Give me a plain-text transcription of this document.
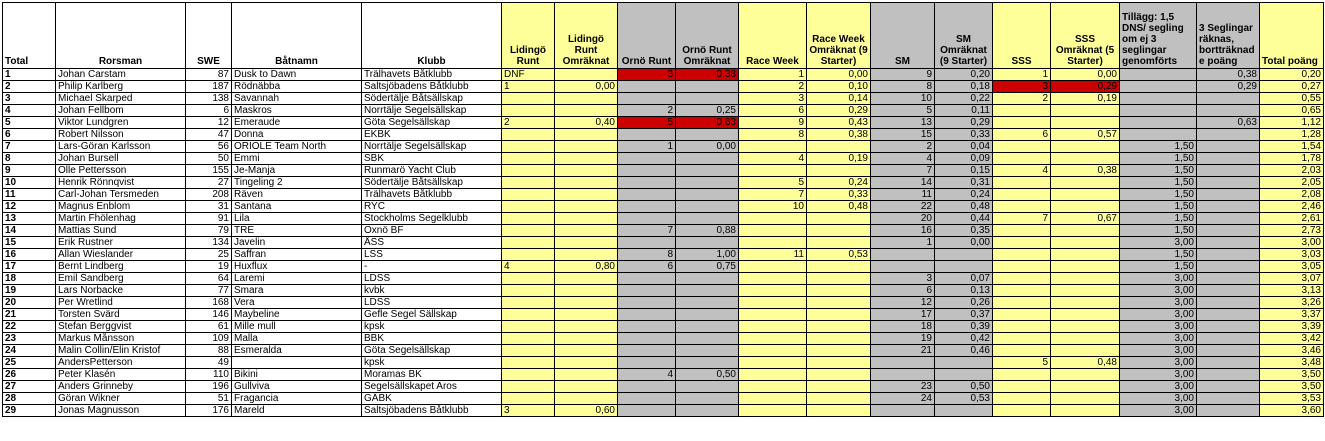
Total	Rorsman	SWE	Båtnamn	Klubb	Lidingö Runt	Lidingö Runt Omräknat	Ornö Runt	Ornö Runt Omräknat	Race Week	Race Week Omräknat (9 Starter)	SM	SM Omräknat (9 Starter)	SSS	SSS Omräknat (5 Starter)	Tillägg: 1,5 DNS/ segling om ej 3 seglingar genomförts	3 Seglingar räknas, bortträknad e poäng	Total poäng
1	Johan Carstam	87	Dusk to Dawn	Trälhavets Båtklubb	DNF		3	0,38	1	0,00	9	0,20	1	0,00		0,38	0,20
2	Philip Karlberg	187	Rödnäbba	Saltsjöbadens Båtklubb	1	0,00			2	0,10	8	0,18	3	0,29		0,29	0,27
3	Michael Skarped	138	Savannah	Södertälje Båtsällskap					3	0,14	10	0,22	2	0,19			0,55
4	Johan Fellbom	6	Maskros	Norrtälje Segelsällskap			2	0,25	6	0,29	5	0,11					0,65
5	Viktor Lundgren	12	Emeraude	Göta Segelsällskap	2	0,40	5	0,63	9	0,43	13	0,29				0,63	1,12
6	Robert Nilsson	47	Donna	EKBK					8	0,38	15	0,33	6	0,57			1,28
7	Lars-Göran Karlsson	56	ORIOLE Team North	Norrtälje Segelsällskap			1	0,00			2	0,04			1,50		1,54
8	Johan Bursell	50	Emmi	SBK					4	0,19	4	0,09			1,50		1,78
9	Olle Pettersson	155	Je-Manja	Runmarö Yacht Club							7	0,15	4	0,38	1,50		2,03
10	Henrik Rönnqvist	27	Tingeling 2	Södertälje Båtsällskap					5	0,24	14	0,31			1,50		2,05
11	Carl-Johan Tersmeden	208	Räven	Trälhavets Båtklubb					7	0,33	11	0,24			1,50		2,08
12	Magnus Enblom	31	Santana	RYC					10	0,48	22	0,48			1,50		2,46
13	Martin Fhölenhag	91	Lila	Stockholms Segelklubb							20	0,44	7	0,67	1,50		2,61
14	Mattias Sund	79	TRE	Oxnö BF			7	0,88			16	0,35			1,50		2,73
15	Erik Rustner	134	Javelin	ÅSS							1	0,00			3,00		3,00
16	Allan Wieslander	25	Saffran	LSS			8	1,00	11	0,53					1,50		3,03
17	Bernt Lindberg	19	Huxflux	-	4	0,80	6	0,75							1,50		3,05
18	Emil Sandberg	64	Laremi	LDSS							3	0,07			3,00		3,07
19	Lars Norbacke	77	Smara	kvbk							6	0,13			3,00		3,13
20	Per Wretlind	168	Vera	LDSS							12	0,26			3,00		3,26
21	Torsten Svärd	146	Maybeline	Gefle Segel Sällskap							17	0,37			3,00		3,37
22	Stefan Berggvist	61	Mille mull	kpsk							18	0,39			3,00		3,39
23	Markus Månsson	109	Malla	BBK							19	0,42			3,00		3,42
24	Malin Collin/Elin Kristof	88	Esmeralda	Göta Segelsällskap							21	0,46			3,00		3,46
25	AndersPetterson	49		kpsk									5	0,48	3,00		3,48
26	Peter Klasén	110	Bikini	Moramas BK			4	0,50							3,00		3,50
27	Anders Grinneby	196	Gullviva	Segelsällskapet Aros							23	0,50			3,00		3,50
28	Göran Wikner	51	Fragancia	GÄBK							24	0,53			3,00		3,53
29	Jonas Magnusson	176	Mareld	Saltsjöbadens Båtklubb	3	0,60									3,00		3,60
